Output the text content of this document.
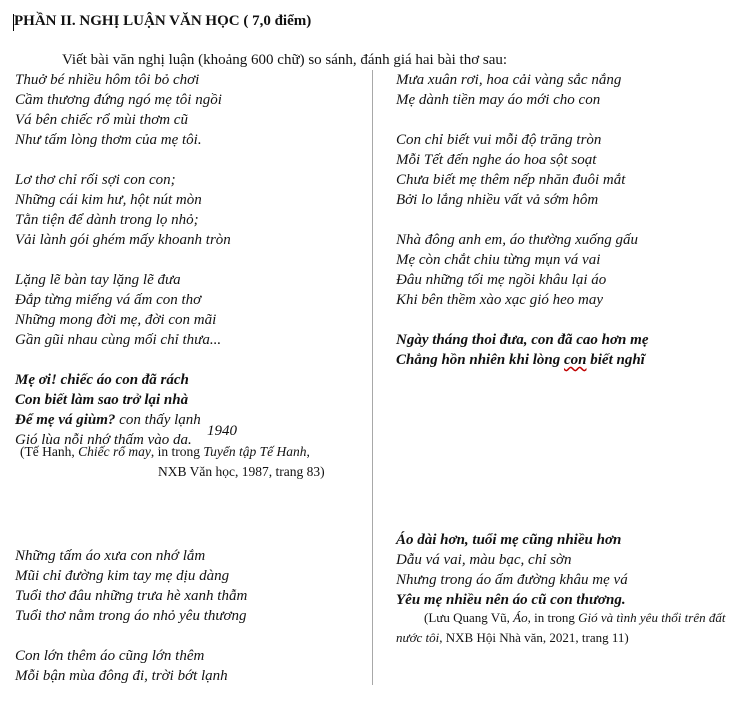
PHẦN II. NGHỊ LUẬN VĂN HỌC ( 7,0 điểm)
Viết bài văn nghị luận (khoảng 600 chữ) so sánh, đánh giá hai bài thơ sau:
Thuở bé nhiều hôm tôi bỏ chơi
Cầm thương đứng ngó mẹ tôi ngồi
Vá bên chiếc rổ mùi thơm cũ
Như tấm lòng thơm của mẹ tôi.
Lơ thơ chỉ rối sợi con con;
Những cái kim hư, hột nút mòn
Tằn tiện để dành trong lọ nhỏ;
Vải lành gói ghém mấy khoanh tròn
Lặng lẽ bàn tay lặng lẽ đưa
Đắp từng miếng vá ấm con thơ
Những mong đời mẹ, đời con mãi
Gần gũi nhau cùng mối chỉ thưa...
Mẹ ơi! chiếc áo con đã rách
Con biết làm sao trở lại nhà
Để mẹ vá giùm? con thấy lạnh
Gió lùa nỗi nhớ thấm vào da.
1940
(Tế Hanh, Chiếc rổ may, in trong Tuyển tập Tế Hanh,
NXB Văn học, 1987, trang 83)
Những tấm áo xưa con nhớ lắm
Mũi chỉ đường kim tay mẹ dịu dàng
Tuổi thơ đâu những trưa hè xanh thẫm
Tuổi thơ nằm trong áo nhỏ yêu thương
Con lớn thêm áo cũng lớn thêm
Mỗi bận mùa đông đi, trời bớt lạnh
Mưa xuân rơi, hoa cải vàng sắc nắng
Mẹ dành tiền may áo mới cho con
Con chỉ biết vui mỗi độ trăng tròn
Mỗi Tết đến nghe áo hoa sột soạt
Chưa biết mẹ thêm nếp nhăn đuôi mắt
Bởi lo lắng nhiều vất vả sớm hôm
Nhà đông anh em, áo thường xuống gấu
Mẹ còn chắt chiu từng mụn vá vai
Đâu những tối mẹ ngồi khâu lại áo
Khi bên thềm xào xạc gió heo may
Ngày tháng thoi đưa, con đã cao hơn mẹ
Chẳng hồn nhiên khi lòng con biết nghĩ
Áo dài hơn, tuổi mẹ cũng nhiều hơn
Dẫu vá vai, màu bạc, chỉ sờn
Nhưng trong áo ấm đường khâu mẹ vá
Yêu mẹ nhiều nên áo cũ con thương.
(Lưu Quang Vũ, Áo, in trong Gió và tình yêu thổi trên đất nước tôi, NXB Hội Nhà văn, 2021, trang 11)
